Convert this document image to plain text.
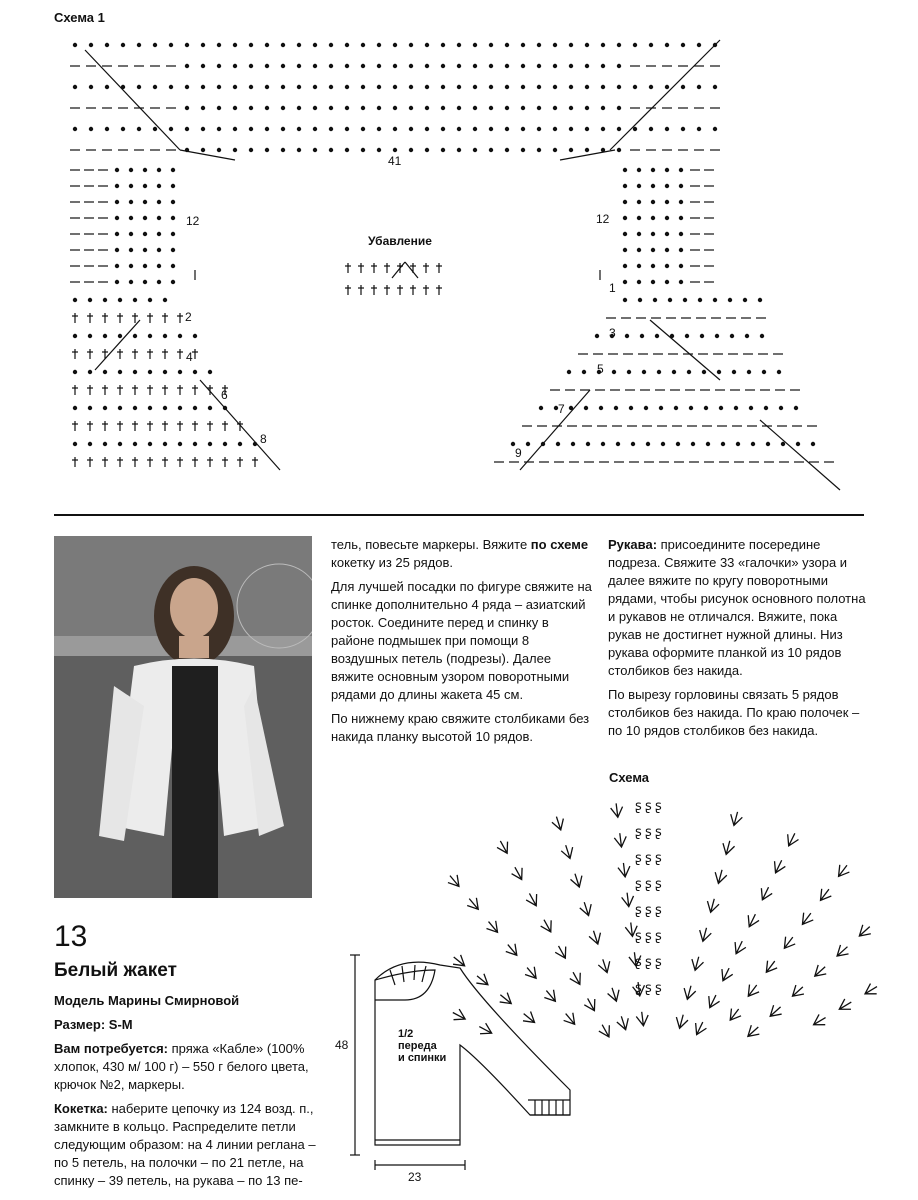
Схема 1
41
12	12
Убавление
2
4
6
8
1
3
5
7
9

тель, повесьте маркеры. Вяжите по схеме кокетку из 25 рядов.

Для лучшей посадки по фигуре свяжите на спинке дополнительно 4 ряда – азиатский росток. Соедините перед и спинку в районе подмышек при помощи 8 воздушных петель (подрезы). Далее вяжите основным узором поворотными рядами до длины жакета 45 см.

По нижнему краю свяжите столбиками без накида планку высотой 10 рядов.

Рукава: присоедините посередине подреза. Свяжите 33 «галочки» узора и далее вяжите по кругу поворотными рядами, чтобы рисунок основного полотна и рукавов не отличался. Вяжите, пока рукав не достигнет нужной длины. Низ рукава оформите планкой из 10 рядов столбиков без накида.

По вырезу горловины связать 5 рядов столбиков без накида. По краю полочек – по 10 рядов столбиков без накида.

Схема
ʂ ʂ ʂ
ʂ ʂ ʂ
ʂ ʂ ʂ
ʂ ʂ ʂ
ʂ ʂ ʂ
ʂ ʂ ʂ
ʂ ʂ ʂ
ʂ ʂ ʂ
13
Белый жакет
Модель Марины Смирновой
Размер: S-M
Вам потребуется: пряжа «Кабле» (100% хлопок, 430 м/ 100 г) – 550 г белого цвета, крючок №2, маркеры.
Кокетка: наберите цепочку из 124 возд. п., замкните в кольцо. Распределите петли следующим образом: на 4 линии реглана – по 5 петель, на полочки – по 21 петле, на спинку – 39 петель, на рукава – по 13 пе-
48
23
1/2
переда
и спинки
